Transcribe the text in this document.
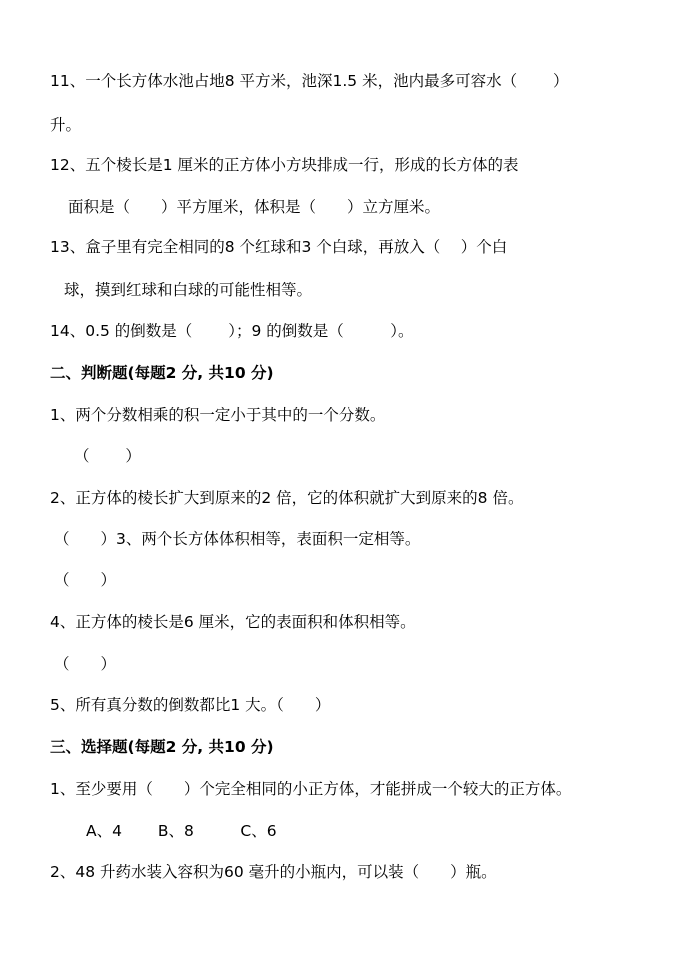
11、一个长方体水池占地8 平方米，池深1.5 米，池内最多可容水（　　 ）
升。
12、五个棱长是1 厘米的正方体小方块排成一行，形成的长方体的表
面积是（　　）平方厘米，体积是（　　）立方厘米。
13、盒子里有完全相同的8 个红球和3 个白球，再放入（　 ）个白
球，摸到红球和白球的可能性相等。
14、0.5 的倒数是（　　 ）；9 的倒数是（　　　）。
二、判断题(每题2 分, 共10 分)
1、两个分数相乘的积一定小于其中的一个分数。
（　　 ）
2、正方体的棱长扩大到原来的2 倍，它的体积就扩大到原来的8 倍。
（　　）3、两个长方体体积相等，表面积一定相等。
（　　）
4、正方体的棱长是6 厘米，它的表面积和体积相等。
（　　）
5、所有真分数的倒数都比1 大。（　　）
三、选择题(每题2 分, 共10 分)
1、至少要用（　　）个完全相同的小正方体，才能拼成一个较大的正方体。
A、4　　 B、8　　　C、6
2、48 升药水装入容积为60 毫升的小瓶内，可以装（　　）瓶。
